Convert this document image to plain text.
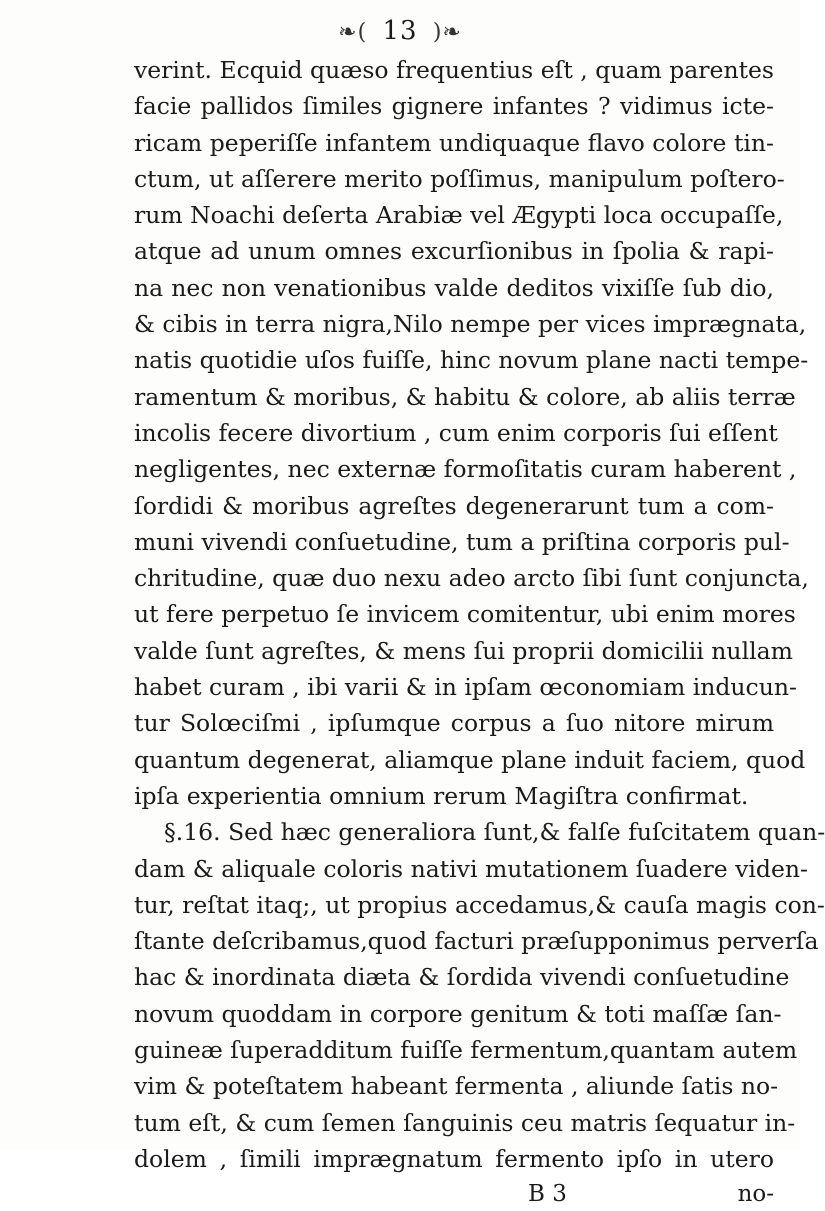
❧( 13 )❧
verint. Ecquid quæso frequentius eſt , quam parentes
facie pallidos ſimiles gignere infantes ? vidimus icte-
ricam peperiſſe infantem undiquaque flavo colore tin-
ctum, ut aſſerere merito poſſimus, manipulum poſtero-
rum Noachi deſerta Arabiæ vel Ægypti loca occupaſſe,
atque ad unum omnes excurſionibus in ſpolia & rapi-
na nec non venationibus valde deditos vixiſſe ſub dio,
& cibis in terra nigra,Nilo nempe per vices imprægnata,
natis quotidie uſos fuiſſe, hinc novum plane nacti tempe-
ramentum & moribus, & habitu & colore, ab aliis terræ
incolis fecere divortium , cum enim corporis ſui eſſent
negligentes, nec externæ formoſitatis curam haberent ,
ſordidi & moribus agreſtes degenerarunt tum a com-
muni vivendi conſuetudine, tum a priſtina corporis pul-
chritudine, quæ duo nexu adeo arcto ſibi ſunt conjuncta,
ut fere perpetuo ſe invicem comitentur, ubi enim mores
valde ſunt agreſtes, & mens ſui proprii domicilii nullam
habet curam , ibi varii & in ipſam œconomiam inducun-
tur Solœciſmi , ipſumque corpus a ſuo nitore mirum
quantum degenerat, aliamque plane induit faciem, quod
ipſa experientia omnium rerum Magiſtra confirmat.
§.16. Sed hæc generaliora ſunt,& falſe fuſcitatem quan-
dam & aliquale coloris nativi mutationem ſuadere viden-
tur, reſtat itaq;, ut propius accedamus,& cauſa magis con-
ſtante deſcribamus,quod facturi præſupponimus perverſa
hac & inordinata diæta & ſordida vivendi conſuetudine
novum quoddam in corpore genitum & toti maſſæ ſan-
guineæ ſuperadditum fuiſſe fermentum,quantam autem
vim & poteſtatem habeant fermenta , aliunde ſatis no-
tum eſt, & cum ſemen ſanguinis ceu matris ſequatur in-
dolem , ſimili imprægnatum fermento ipſo in utero
B 3	no-
